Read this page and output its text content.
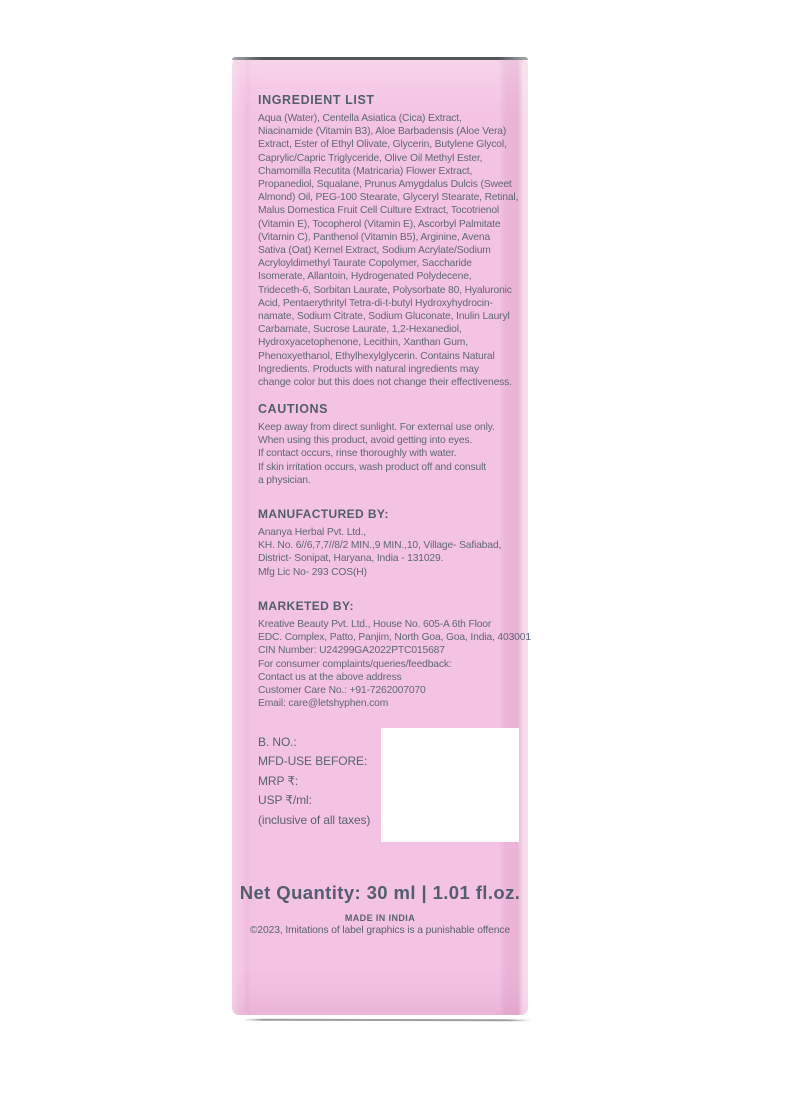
INGREDIENT LIST
Aqua (Water), Centella Asiatica (Cica) Extract,
Niacinamide (Vitamin B3), Aloe Barbadensis (Aloe Vera)
Extract, Ester of Ethyl Olivate, Glycerin, Butylene Glycol,
Caprylic/Capric Triglyceride, Olive Oil Methyl Ester,
Chamomilla Recutita (Matricaria) Flower Extract,
Propanediol, Squalane, Prunus Amygdalus Dulcis (Sweet
Almond) Oil, PEG-100 Stearate, Glyceryl Stearate, Retinal,
Malus Domestica Fruit Cell Culture Extract, Tocotrienol
(Vitamin E), Tocopherol (Vitamin E), Ascorbyl Palmitate
(Vitamin C), Panthenol (Vitamin B5), Arginine, Avena
Sativa (Oat) Kernel Extract, Sodium Acrylate/Sodium
Acryloyldimethyl Taurate Copolymer, Saccharide
Isomerate, Allantoin, Hydrogenated Polydecene,
Trideceth-6, Sorbitan Laurate, Polysorbate 80, Hyaluronic
Acid, Pentaerythrityl Tetra-di-t-butyl Hydroxyhydrocin-
namate, Sodium Citrate, Sodium Gluconate, Inulin Lauryl
Carbamate, Sucrose Laurate, 1,2-Hexanediol,
Hydroxyacetophenone, Lecithin, Xanthan Gum,
Phenoxyethanol, Ethylhexylglycerin. Contains Natural
Ingredients. Products with natural ingredients may
change color but this does not change their effectiveness.
CAUTIONS
Keep away from direct sunlight. For external use only.
When using this product, avoid getting into eyes.
If contact occurs, rinse thoroughly with water.
If skin irritation occurs, wash product off and consult
a physician.
MANUFACTURED BY:
Ananya Herbal Pvt. Ltd.,
KH. No. 6//6,7,7//8/2 MIN.,9 MIN.,10, Village- Safiabad,
District- Sonipat, Haryana, India - 131029.
Mfg Lic No- 293 COS(H)
MARKETED BY:
Kreative Beauty Pvt. Ltd., House No. 605-A 6th Floor
EDC. Complex, Patto, Panjim, North Goa, Goa, India, 403001
CIN Number: U24299GA2022PTC015687
For consumer complaints/queries/feedback:
Contact us at the above address
Customer Care No.: +91-7262007070
Email: care@letshyphen.com
B. NO.:
MFD-USE BEFORE:
MRP ₹:
USP ₹/ml:
(inclusive of all taxes)
Net Quantity: 30 ml | 1.01 fl.oz.
MADE IN INDIA
©2023, Imitations of label graphics is a punishable offence
